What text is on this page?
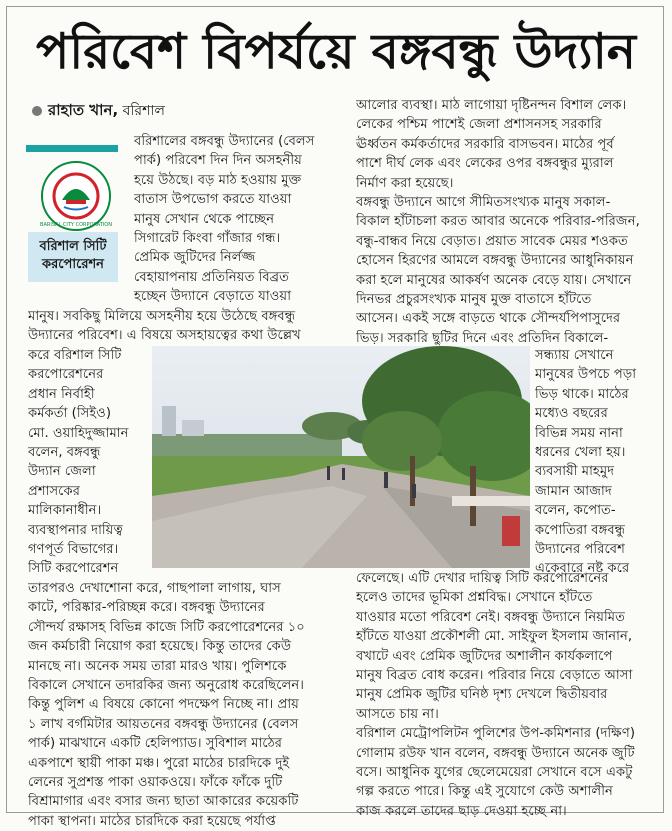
পরিবেশ বিপর্যয়ে বঙ্গবন্ধু উদ্যান
রাহাত খান, বরিশাল
BARISAL CITY CORPORATION
বরিশাল সিটি
করপোরেশন
বরিশালের বঙ্গবন্ধু উদ্যানের (বেলস
পার্ক) পরিবেশ দিন দিন অসহনীয়
হয়ে উঠছে। বড় মাঠ হওয়ায় মুক্ত
বাতাস উপভোগ করতে যাওয়া
মানুষ সেখান থেকে পাচ্ছেন
সিগারেট কিংবা গাঁজার গন্ধ।
প্রেমিক জুটিদের নির্লজ্জ
বেহায়াপনায় প্রতিনিয়ত বিব্রত
হচ্ছেন উদ্যানে বেড়াতে যাওয়া
মানুষ। সবকিছু মিলিয়ে অসহনীয় হয়ে উঠেছে বঙ্গবন্ধু
উদ্যানের পরিবেশ। এ বিষয়ে অসহায়ত্বের কথা উল্লেখ
করে বরিশাল সিটি
করপোরেশনের
প্রধান নির্বাহী
কর্মকর্তা (সিইও)
মো. ওয়াহিদুজ্জামান
বলেন, বঙ্গবন্ধু
উদ্যান জেলা
প্রশাসকের
মালিকানাধীন।
ব্যবস্থাপনার দায়িত্ব
গণপূর্ত বিভাগের।
সিটি করপোরেশন
তারপরও দেখাশোনা করে, গাছপালা লাগায়, ঘাস
কাটে, পরিষ্কার-পরিচ্ছন্ন করে। বঙ্গবন্ধু উদ্যানের
সৌন্দর্য রক্ষাসহ বিভিন্ন কাজে সিটি করপোরেশনের ১০
জন কর্মচারী নিয়োগ করা হয়েছে। কিন্তু তাদের কেউ
মানছে না। অনেক সময় তারা মারও খায়। পুলিশকে
বিকালে সেখানে তদারকির জন্য অনুরোধ করেছিলেন।
কিন্তু পুলিশ এ বিষয়ে কোনো পদক্ষেপ নিচ্ছে না। প্রায়
১ লাখ বর্গমিটার আয়তনের বঙ্গবন্ধু উদ্যানের (বেলস
পার্ক) মাঝখানে একটি হেলিপ্যাড। সুবিশাল মাঠের
একপাশে স্থায়ী পাকা মঞ্চ। পুরো মাঠের চারদিকে দুই
লেনের সুপ্রশস্ত পাকা ওয়াকওয়ে। ফাঁকে ফাঁকে দুটি
বিশ্রামাগার এবং বসার জন্য ছাতা আকারের কয়েকটি
পাকা স্থাপনা। মাঠের চারদিকে করা হয়েছে পর্যাপ্ত
আলোর ব্যবস্থা। মাঠ লাগোয়া দৃষ্টিনন্দন বিশাল লেক।
লেকের পশ্চিম পাশেই জেলা প্রশাসনসহ সরকারি
ঊর্ধ্বতন কর্মকর্তাদের সরকারি বাসভবন। মাঠের পূর্ব
পাশে দীর্ঘ লেক এবং লেকের ওপর বঙ্গবন্ধুর ম্যুরাল
নির্মাণ করা হয়েছে।
বঙ্গবন্ধু উদ্যানে আগে সীমিতসংখ্যক মানুষ সকাল-
বিকাল হাঁটাচলা করত আবার অনেকে পরিবার-পরিজন,
বন্ধু-বান্ধব নিয়ে বেড়াত। প্রয়াত সাবেক মেয়র শওকত
হোসেন হিরণের আমলে বঙ্গবন্ধু উদ্যানের আধুনিকায়ন
করা হলে মানুষের আকর্ষণ অনেক বেড়ে যায়। সেখানে
দিনভর প্রচুরসংখ্যক মানুষ মুক্ত বাতাসে হাঁটতে
আসেন। একই সঙ্গে বাড়তে থাকে সৌন্দর্যপিপাসুদের
ভিড়। সরকারি ছুটির দিনে এবং প্রতিদিন বিকালে-
সন্ধ্যায় সেখানে
মানুষের উপচে পড়া
ভিড় থাকে। মাঠের
মধ্যেও বছরের
বিভিন্ন সময় নানা
ধরনের খেলা হয়।
ব্যবসায়ী মাহমুদ
জামান আজাদ
বলেন, কপোত-
কপোতিরা বঙ্গবন্ধু
উদ্যানের পরিবেশ
একেবারে নষ্ট করে
ফেলেছে। এটি দেখার দায়িত্ব সিটি করপোরেশনের
হলেও তাদের ভূমিকা প্রশ্নবিদ্ধ। সেখানে হাঁটতে
যাওয়ার মতো পরিবেশ নেই। বঙ্গবন্ধু উদ্যানে নিয়মিত
হাঁটতে যাওয়া প্রকৌশলী মো. সাইফুল ইসলাম জানান,
বখাটে এবং প্রেমিক জুটিদের অশালীন কার্যকলাপে
মানুষ বিব্রত বোধ করেন। পরিবার নিয়ে বেড়াতে আসা
মানুষ প্রেমিক জুটির ঘনিষ্ঠ দৃশ্য দেখলে দ্বিতীয়বার
আসতে চায় না।
বরিশাল মেট্রোপলিটন পুলিশের উপ-কমিশনার (দক্ষিণ)
গোলাম রউফ খান বলেন, বঙ্গবন্ধু উদ্যানে অনেক জুটি
বসে। আধুনিক যুগের ছেলেমেয়েরা সেখানে বসে একটু
গল্প করতে পারে। কিন্তু এই সুযোগে কেউ অশালীন
কাজ করলে তাদের ছাড় দেওয়া হচ্ছে না।
